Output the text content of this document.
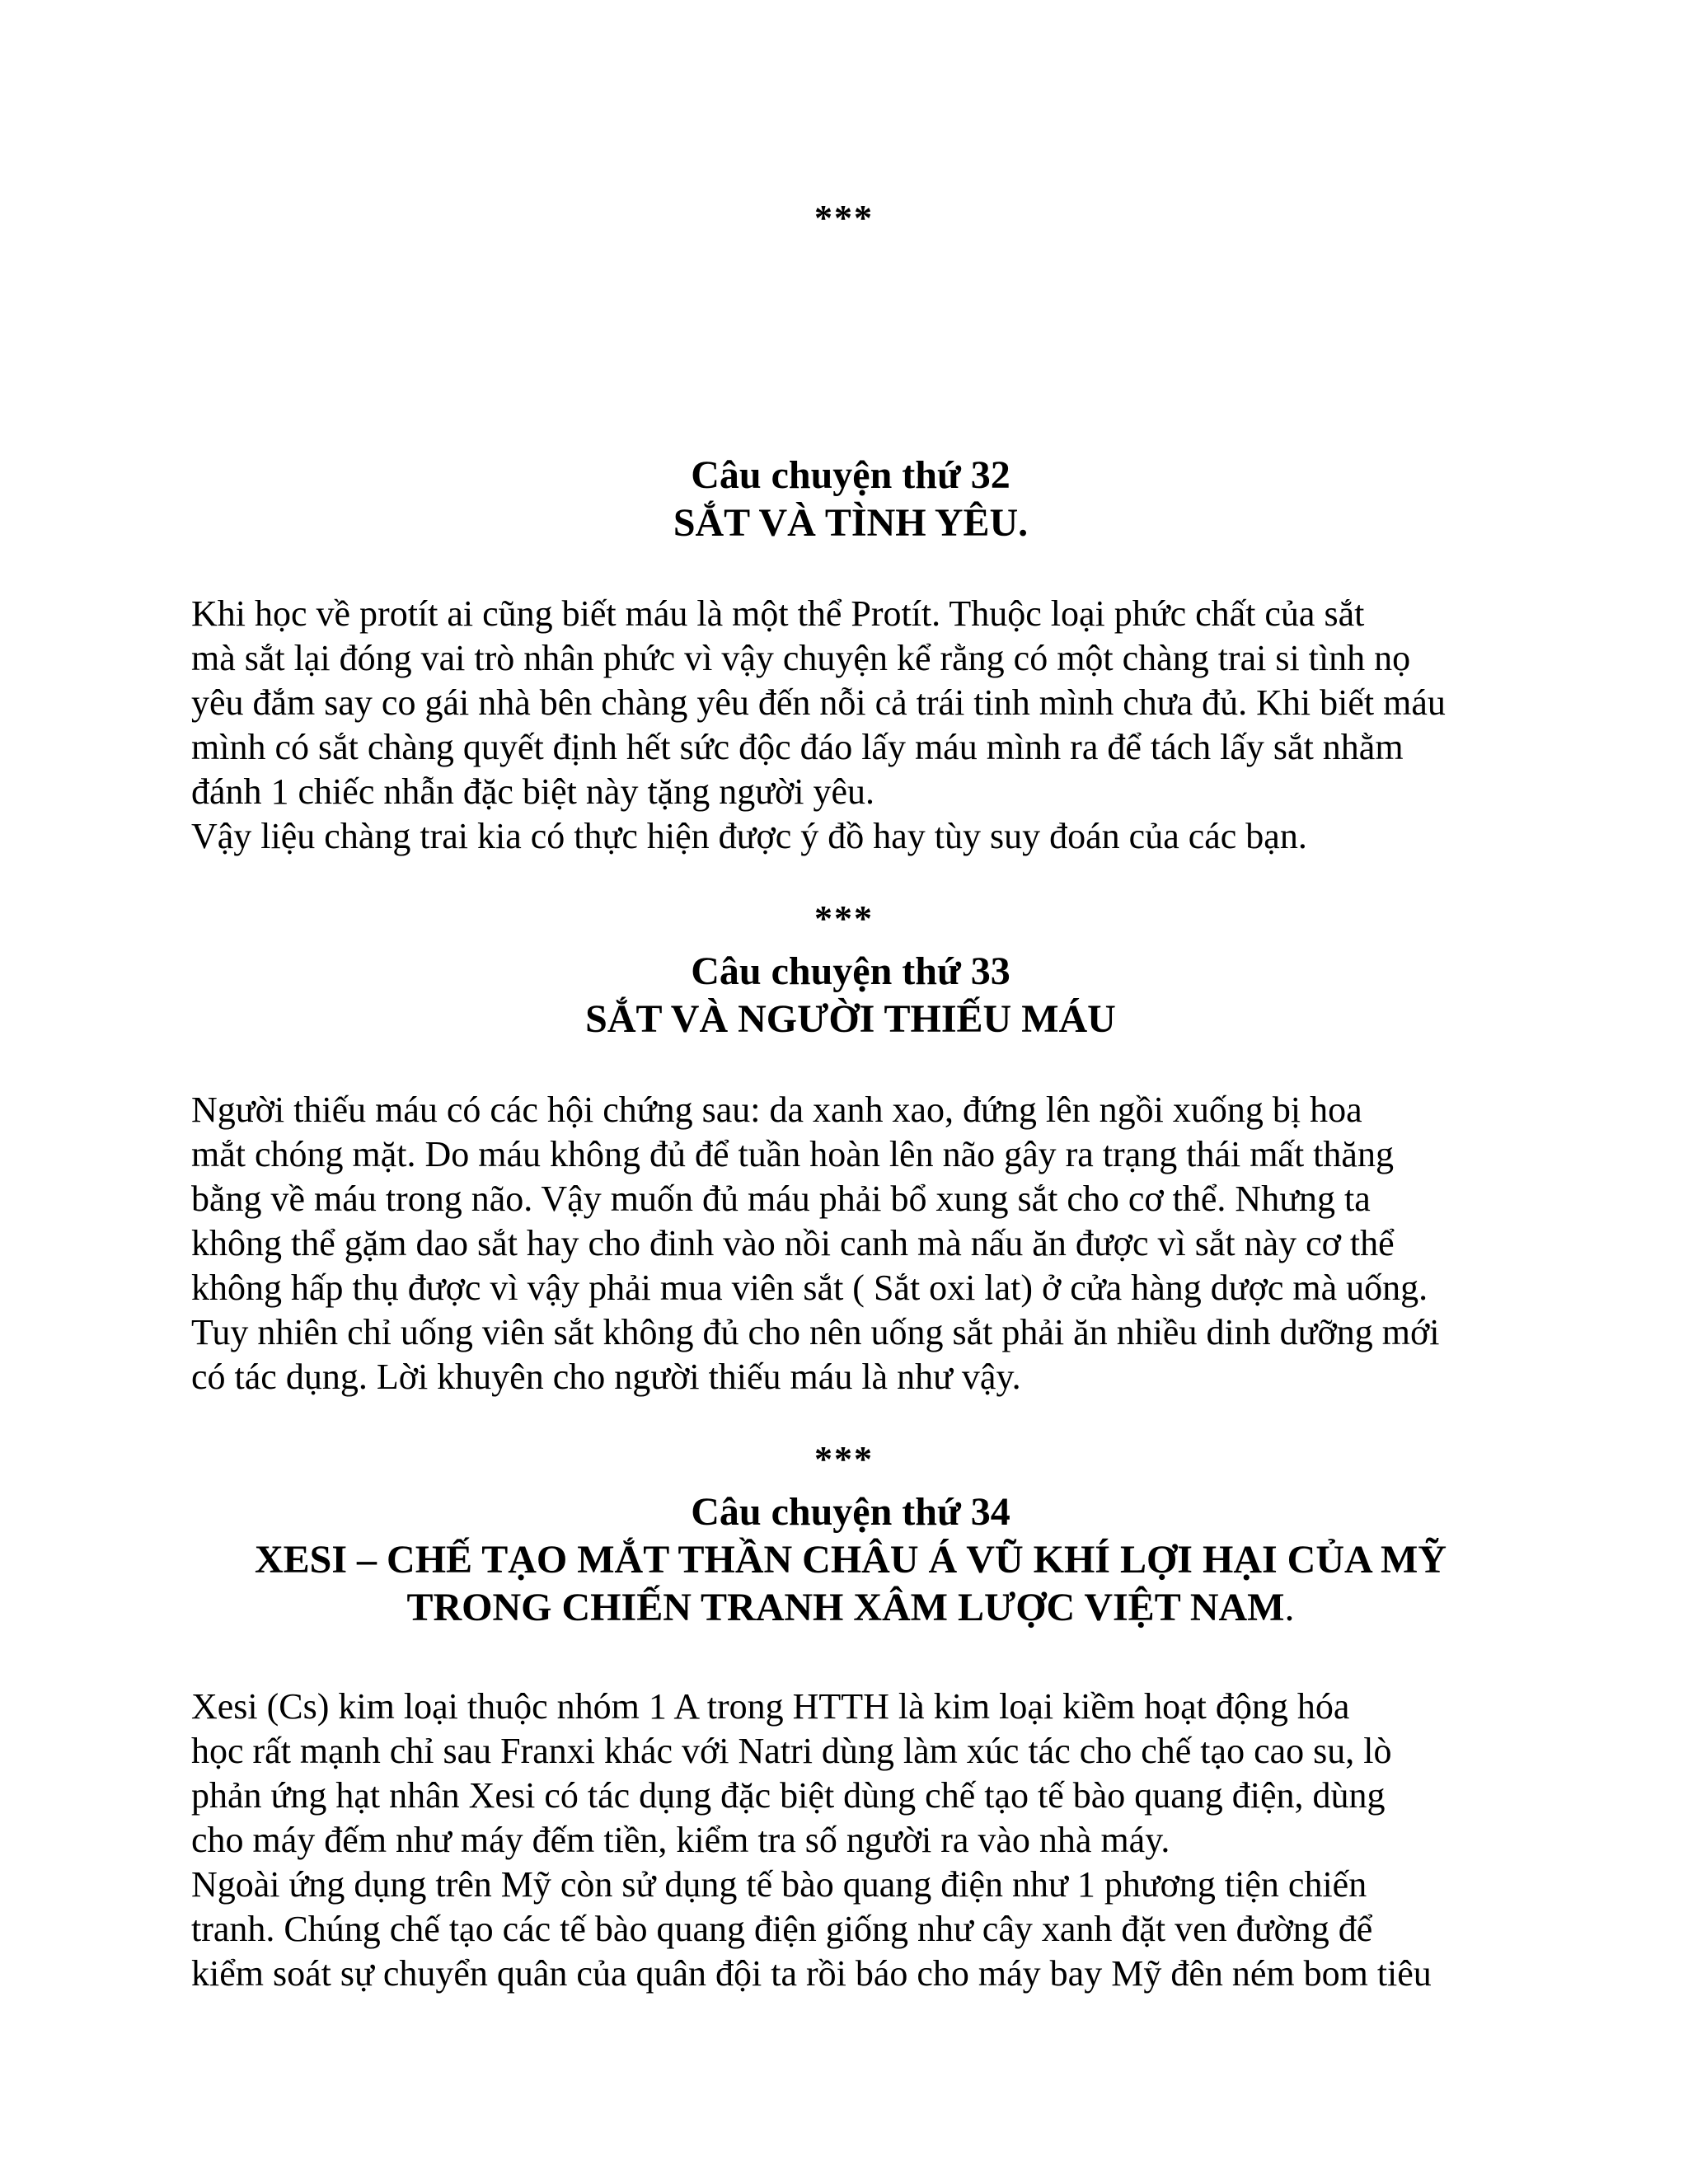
***
Câu chuyện thứ 32
SẮT VÀ TÌNH YÊU.

Khi học về protít ai cũng biết máu là một thể Protít. Thuộc loại phức chất của sắt
mà sắt lại đóng vai trò nhân phức vì vậy chuyện kể rằng có một chàng trai si tình nọ
yêu đắm say co gái nhà bên chàng yêu đến nỗi cả trái tinh mình chưa đủ. Khi biết máu
mình có sắt chàng quyết định hết sức độc đáo lấy máu mình ra để tách lấy sắt nhằm
đánh 1 chiếc nhẫn đặc biệt này tặng người yêu.
Vậy liệu chàng trai kia có thực hiện được ý đồ hay tùy suy đoán của các bạn.

***
Câu chuyện thứ 33
SẮT VÀ NGƯỜI THIẾU MÁU

Người thiếu máu có các hội chứng sau: da xanh xao, đứng lên ngồi xuống bị hoa
mắt chóng mặt. Do máu không đủ để tuần hoàn lên não gây ra trạng thái mất thăng
bằng về máu trong não. Vậy muốn đủ máu phải bổ xung sắt cho cơ thể. Nhưng ta
không thể gặm dao sắt hay cho đinh vào nồi canh mà nấu ăn được vì sắt này cơ thể
không hấp thụ được vì vậy phải mua viên sắt ( Sắt oxi lat) ở cửa hàng dược mà uống.
Tuy nhiên chỉ uống viên sắt không đủ cho nên uống sắt phải ăn nhiều dinh dưỡng mới
có tác dụng. Lời khuyên cho người thiếu máu là như vậy.

***
Câu chuyện thứ 34
XESI – CHẾ TẠO MẮT THẦN CHÂU Á VŨ KHÍ LỢI HẠI CỦA MỸ
TRONG CHIẾN TRANH XÂM LƯỢC VIỆT NAM.

Xesi (Cs) kim loại thuộc nhóm 1 A trong HTTH là kim loại kiềm hoạt động hóa
học rất mạnh chỉ sau Franxi khác với Natri dùng làm xúc tác cho chế tạo cao su, lò
phản ứng hạt nhân Xesi có tác dụng đặc biệt dùng chế tạo tế bào quang điện, dùng
cho máy đếm như máy đếm tiền, kiểm tra số người ra vào nhà máy.

Ngoài ứng dụng trên Mỹ còn sử dụng tế bào quang điện như 1 phương tiện chiến
tranh. Chúng chế tạo các tế bào quang điện giống như cây xanh đặt ven đường để
kiểm soát sự chuyển quân của quân đội ta rồi báo cho máy bay Mỹ đên ném bom tiêu
